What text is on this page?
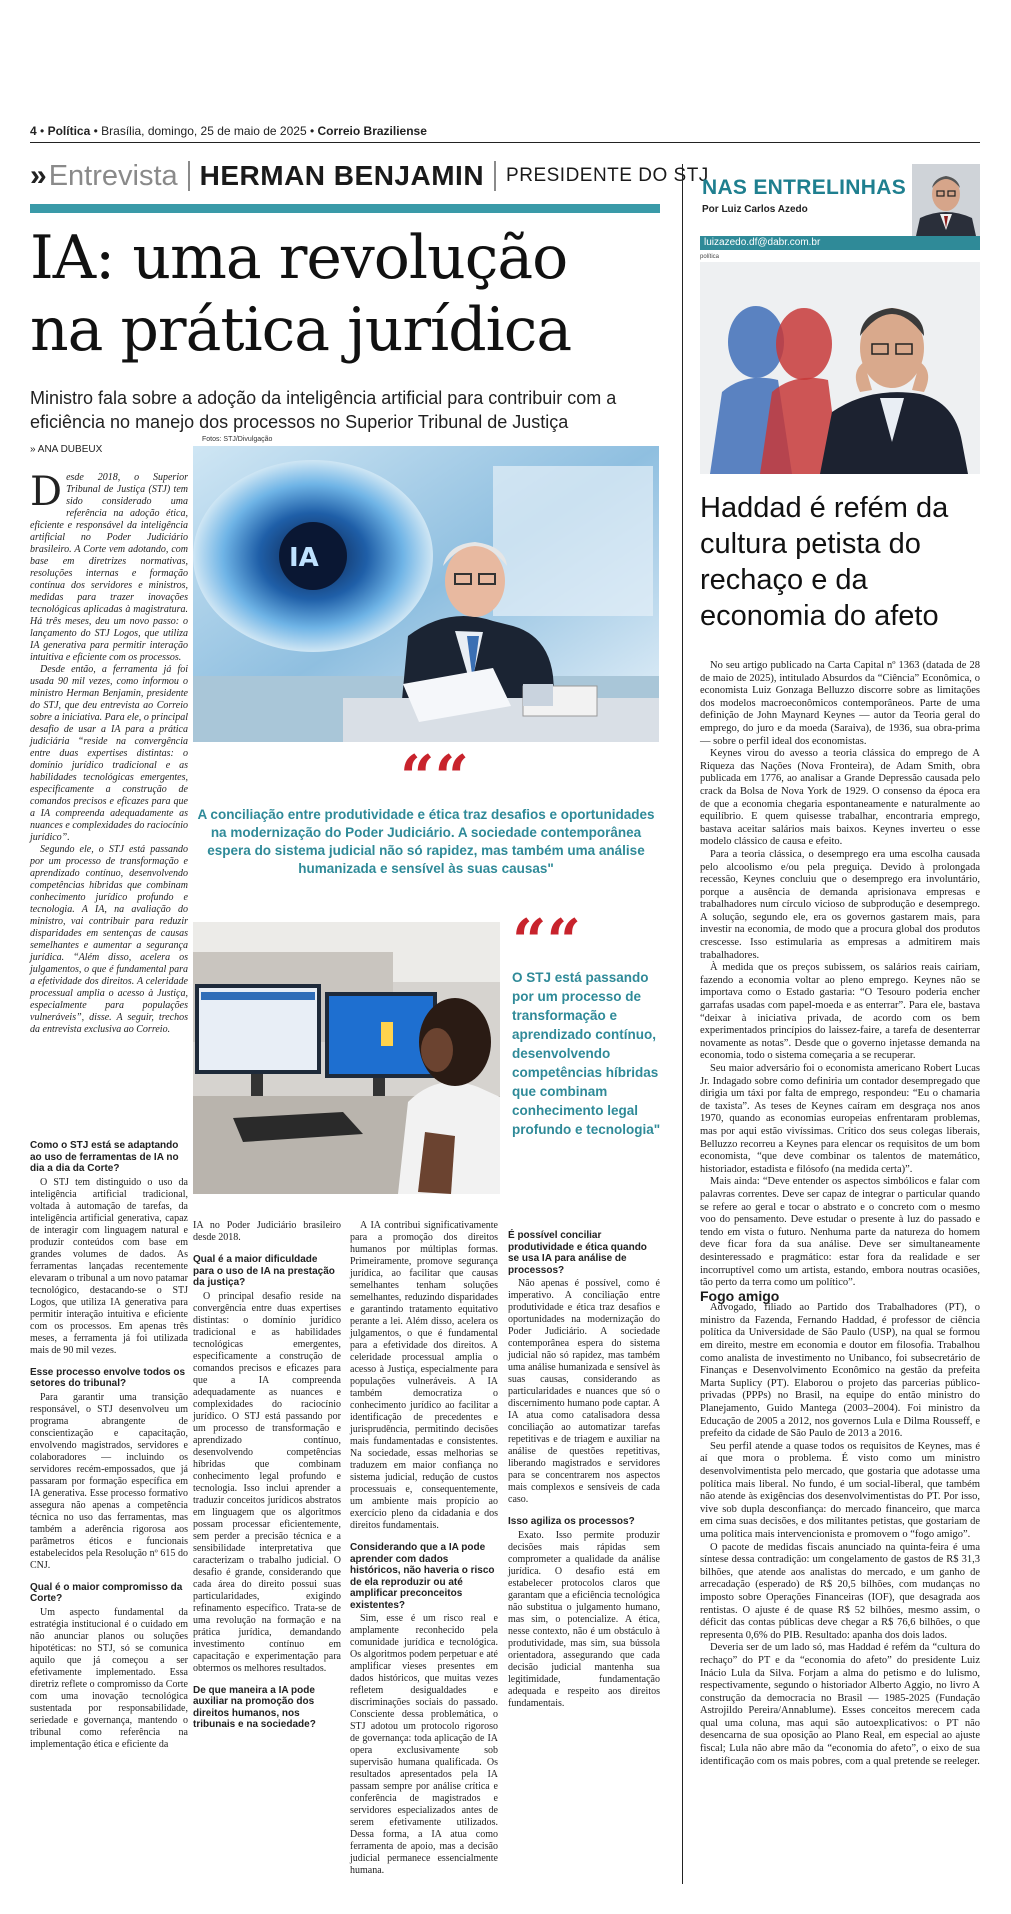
4 • Política • Brasília, domingo, 25 de maio de 2025 • Correio Braziliense
» Entrevista HERMAN BENJAMIN PRESIDENTE DO STJ
IA: uma revolução
na prática jurídica
Ministro fala sobre a adoção da inteligência artificial para contribuir com a eficiência no manejo dos processos no Superior Tribunal de Justiça
Fotos: STJ/Divulgação
» ANA DUBEUX

Desde 2018, o Superior Tribunal de Justiça (STJ) tem sido considerado uma referência na adoção ética, eficiente e responsável da inteligência artificial no Poder Judiciário brasileiro. A Corte vem adotando, com base em diretrizes normativas, resoluções internas e formação contínua dos servidores e ministros, medidas para trazer inovações tecnológicas aplicadas à magistratura. Há três meses, deu um novo passo: o lançamento do STJ Logos, que utiliza IA generativa para permitir interação intuitiva e eficiente com os processos.

Desde então, a ferramenta já foi usada 90 mil vezes, como informou o ministro Herman Benjamin, presidente do STJ, que deu entrevista ao Correio sobre a iniciativa. Para ele, o principal desafio de usar a IA para a prática judiciária “reside na convergência entre duas expertises distintas: o domínio jurídico tradicional e as habilidades tecnológicas emergentes, especificamente a construção de comandos precisos e eficazes para que a IA compreenda adequadamente as nuances e complexidades do raciocínio jurídico”.

Segundo ele, o STJ está passando por um processo de transformação e aprendizado contínuo, desenvolvendo competências híbridas que combinam conhecimento jurídico profundo e tecnologia. A IA, na avaliação do ministro, vai contribuir para reduzir disparidades em sentenças de causas semelhantes e aumentar a segurança jurídica. “Além disso, acelera os julgamentos, o que é fundamental para a efetividade dos direitos. A celeridade processual amplia o acesso à Justiça, especialmente para populações vulneráveis”, disse. A seguir, trechos da entrevista exclusiva ao Correio.

IA
““
A conciliação entre produtividade e ética traz desafios e oportunidades na modernização do Poder Judiciário. A sociedade contemporânea espera do sistema judicial não só rapidez, mas também uma análise humanizada e sensível às suas causas"
““
O STJ está passando por um processo de transformação e aprendizado contínuo, desenvolvendo competências híbridas que combinam conhecimento legal profundo e tecnologia"

Como o STJ está se adaptando ao uso de ferramentas de IA no dia a dia da Corte?

O STJ tem distinguido o uso da inteligência artificial tradicional, voltada à automação de tarefas, da inteligência artificial generativa, capaz de interagir com linguagem natural e produzir conteúdos com base em grandes volumes de dados. As ferramentas lançadas recentemente elevaram o tribunal a um novo patamar tecnológico, destacando-se o STJ Logos, que utiliza IA generativa para permitir interação intuitiva e eficiente com os processos. Em apenas três meses, a ferramenta já foi utilizada mais de 90 mil vezes.

Esse processo envolve todos os setores do tribunal?

Para garantir uma transição responsável, o STJ desenvolveu um programa abrangente de conscientização e capacitação, envolvendo magistrados, servidores e colaboradores — incluindo os servidores recém-empossados, que já passaram por formação específica em IA generativa. Esse processo formativo assegura não apenas a competência técnica no uso das ferramentas, mas também a aderência rigorosa aos parâmetros éticos e funcionais estabelecidos pela Resolução nº 615 do CNJ.

Qual é o maior compromisso da Corte?

Um aspecto fundamental da estratégia institucional é o cuidado em não anunciar planos ou soluções hipotéticas: no STJ, só se comunica aquilo que já começou a ser efetivamente implementado. Essa diretriz reflete o compromisso da Corte com uma inovação tecnológica sustentada por responsabilidade, seriedade e governança, mantendo o tribunal como referência na implementação ética e eficiente da

IA no Poder Judiciário brasileiro desde 2018.

Qual é a maior dificuldade para o uso de IA na prestação da justiça?

O principal desafio reside na convergência entre duas expertises distintas: o domínio jurídico tradicional e as habilidades tecnológicas emergentes, especificamente a construção de comandos precisos e eficazes para que a IA compreenda adequadamente as nuances e complexidades do raciocínio jurídico. O STJ está passando por um processo de transformação e aprendizado contínuo, desenvolvendo competências híbridas que combinam conhecimento legal profundo e tecnologia. Isso inclui aprender a traduzir conceitos jurídicos abstratos em linguagem que os algoritmos possam processar eficientemente, sem perder a precisão técnica e a sensibilidade interpretativa que caracterizam o trabalho judicial. O desafio é grande, considerando que cada área do direito possui suas particularidades, exigindo refinamento específico. Trata-se de uma revolução na formação e na prática jurídica, demandando investimento contínuo em capacitação e experimentação para obtermos os melhores resultados.

De que maneira a IA pode auxiliar na promoção dos direitos humanos, nos tribunais e na sociedade?

A IA contribui significativamente para a promoção dos direitos humanos por múltiplas formas. Primeiramente, promove segurança jurídica, ao facilitar que causas semelhantes tenham soluções semelhantes, reduzindo disparidades e garantindo tratamento equitativo perante a lei. Além disso, acelera os julgamentos, o que é fundamental para a efetividade dos direitos. A celeridade processual amplia o acesso à Justiça, especialmente para populações vulneráveis. A IA também democratiza o conhecimento jurídico ao facilitar a identificação de precedentes e jurisprudência, permitindo decisões mais fundamentadas e consistentes. Na sociedade, essas melhorias se traduzem em maior confiança no sistema judicial, redução de custos processuais e, consequentemente, um ambiente mais propício ao exercício pleno da cidadania e dos direitos fundamentais.

Considerando que a IA pode aprender com dados históricos, não haveria o risco de ela reproduzir ou até amplificar preconceitos existentes?

Sim, esse é um risco real e amplamente reconhecido pela comunidade jurídica e tecnológica. Os algoritmos podem perpetuar e até amplificar vieses presentes em dados históricos, que muitas vezes refletem desigualdades e discriminações sociais do passado. Consciente dessa problemática, o STJ adotou um protocolo rigoroso de governança: toda aplicação de IA opera exclusivamente sob supervisão humana qualificada. Os resultados apresentados pela IA passam sempre por análise crítica e conferência de magistrados e servidores especializados antes de serem efetivamente utilizados. Dessa forma, a IA atua como ferramenta de apoio, mas a decisão judicial permanece essencialmente humana.

É possível conciliar produtividade e ética quando se usa IA para análise de processos?

Não apenas é possível, como é imperativo. A conciliação entre produtividade e ética traz desafios e oportunidades na modernização do Poder Judiciário. A sociedade contemporânea espera do sistema judicial não só rapidez, mas também uma análise humanizada e sensível às suas causas, considerando as particularidades e nuances que só o discernimento humano pode captar. A IA atua como catalisadora dessa conciliação ao automatizar tarefas repetitivas e de triagem e auxiliar na análise de questões repetitivas, liberando magistrados e servidores para se concentrarem nos aspectos mais complexos e sensíveis de cada caso.

Isso agiliza os processos?

Exato. Isso permite produzir decisões mais rápidas sem comprometer a qualidade da análise jurídica. O desafio está em estabelecer protocolos claros que garantam que a eficiência tecnológica não substitua o julgamento humano, mas sim, o potencialize. A ética, nesse contexto, não é um obstáculo à produtividade, mas sim, sua bússola orientadora, assegurando que cada decisão judicial mantenha sua legitimidade, fundamentação adequada e respeito aos direitos fundamentais.

NAS ENTRELINHAS
Por Luiz Carlos Azedo
luizazedo.df@dabr.com.br
política
Haddad é refém da cultura petista do rechaço e da economia do afeto

No seu artigo publicado na Carta Capital nº 1363 (datada de 28 de maio de 2025), intitulado Absurdos da “Ciência” Econômica, o economista Luiz Gonzaga Belluzzo discorre sobre as limitações dos modelos macroeconômicos contemporâneos. Parte de uma definição de John Maynard Keynes — autor da Teoria geral do emprego, do juro e da moeda (Saraiva), de 1936, sua obra-prima — sobre o perfil ideal dos economistas.

Keynes virou do avesso a teoria clássica do emprego de A Riqueza das Nações (Nova Fronteira), de Adam Smith, obra publicada em 1776, ao analisar a Grande Depressão causada pelo crack da Bolsa de Nova York de 1929. O consenso da época era de que a economia chegaria espontaneamente e naturalmente ao equilíbrio. E quem quisesse trabalhar, encontraria emprego, bastava aceitar salários mais baixos. Keynes inverteu o esse modelo clássico de causa e efeito.

Para a teoria clássica, o desemprego era uma escolha causada pelo alcoolismo e/ou pela preguiça. Devido à prolongada recessão, Keynes concluiu que o desemprego era involuntário, porque a ausência de demanda aprisionava empresas e trabalhadores num círculo vicioso de subprodução e desemprego. A solução, segundo ele, era os governos gastarem mais, para investir na economia, de modo que a procura global dos produtos crescesse. Isso estimularia as empresas a admitirem mais trabalhadores.

À medida que os preços subissem, os salários reais cairiam, fazendo a economia voltar ao pleno emprego. Keynes não se importava como o Estado gastaria: “O Tesouro poderia encher garrafas usadas com papel-moeda e as enterrar”. Para ele, bastava “deixar à iniciativa privada, de acordo com os bem experimentados princípios do laissez-faire, a tarefa de desenterrar novamente as notas”. Desde que o governo injetasse demanda na economia, todo o sistema começaria a se recuperar.

Seu maior adversário foi o economista americano Robert Lucas Jr. Indagado sobre como definiria um contador desempregado que dirigia um táxi por falta de emprego, respondeu: “Eu o chamaria de taxista”. As teses de Keynes caíram em desgraça nos anos 1970, quando as economias europeias enfrentaram problemas, mas por aqui estão vivíssimas. Crítico dos seus colegas liberais, Belluzzo recorreu a Keynes para elencar os requisitos de um bom economista, “que deve combinar os talentos de matemático, historiador, estadista e filósofo (na medida certa)”.

Mais ainda: “Deve entender os aspectos simbólicos e falar com palavras correntes. Deve ser capaz de integrar o particular quando se refere ao geral e tocar o abstrato e o concreto com o mesmo voo do pensamento. Deve estudar o presente à luz do passado e tendo em vista o futuro. Nenhuma parte da natureza do homem deve ficar fora da sua análise. Deve ser simultaneamente desinteressado e pragmático: estar fora da realidade e ser incorruptível como um artista, estando, embora noutras ocasiões, tão perto da terra como um político”.

Fogo amigo

Advogado, filiado ao Partido dos Trabalhadores (PT), o ministro da Fazenda, Fernando Haddad, é professor de ciência política da Universidade de São Paulo (USP), na qual se formou em direito, mestre em economia e doutor em filosofia. Trabalhou como analista de investimento no Unibanco, foi subsecretário de Finanças e Desenvolvimento Econômico na gestão da prefeita Marta Suplicy (PT). Elaborou o projeto das parcerias público-privadas (PPPs) no Brasil, na equipe do então ministro do Planejamento, Guido Mantega (2003–2004). Foi ministro da Educação de 2005 a 2012, nos governos Lula e Dilma Rousseff, e prefeito da cidade de São Paulo de 2013 a 2016.

Seu perfil atende a quase todos os requisitos de Keynes, mas é aí que mora o problema. É visto como um ministro desenvolvimentista pelo mercado, que gostaria que adotasse uma política mais liberal. No fundo, é um social-liberal, que também não atende às exigências dos desenvolvimentistas do PT. Por isso, vive sob dupla desconfiança: do mercado financeiro, que marca em cima suas decisões, e dos militantes petistas, que gostariam de uma política mais intervencionista e promovem o “fogo amigo”.

O pacote de medidas fiscais anunciado na quinta-feira é uma síntese dessa contradição: um congelamento de gastos de R$ 31,3 bilhões, que atende aos analistas do mercado, e um ganho de arrecadação (esperado) de R$ 20,5 bilhões, com mudanças no imposto sobre Operações Financeiras (IOF), que desagrada aos rentistas. O ajuste é de quase R$ 52 bilhões, mesmo assim, o déficit das contas públicas deve chegar a R$ 76,6 bilhões, o que representa 0,6% do PIB. Resultado: apanha dos dois lados.

Deveria ser de um lado só, mas Haddad é refém da “cultura do rechaço” do PT e da “economia do afeto” do presidente Luiz Inácio Lula da Silva. Forjam a alma do petismo e do lulismo, respectivamente, segundo o historiador Alberto Aggio, no livro A construção da democracia no Brasil — 1985-2025 (Fundação Astrojildo Pereira/Annablume). Esses conceitos merecem cada qual uma coluna, mas aqui são autoexplicativos: o PT não desencarna de sua oposição ao Plano Real, em especial ao ajuste fiscal; Lula não abre mão da “economia do afeto”, o eixo de sua identificação com os mais pobres, com a qual pretende se reeleger.
